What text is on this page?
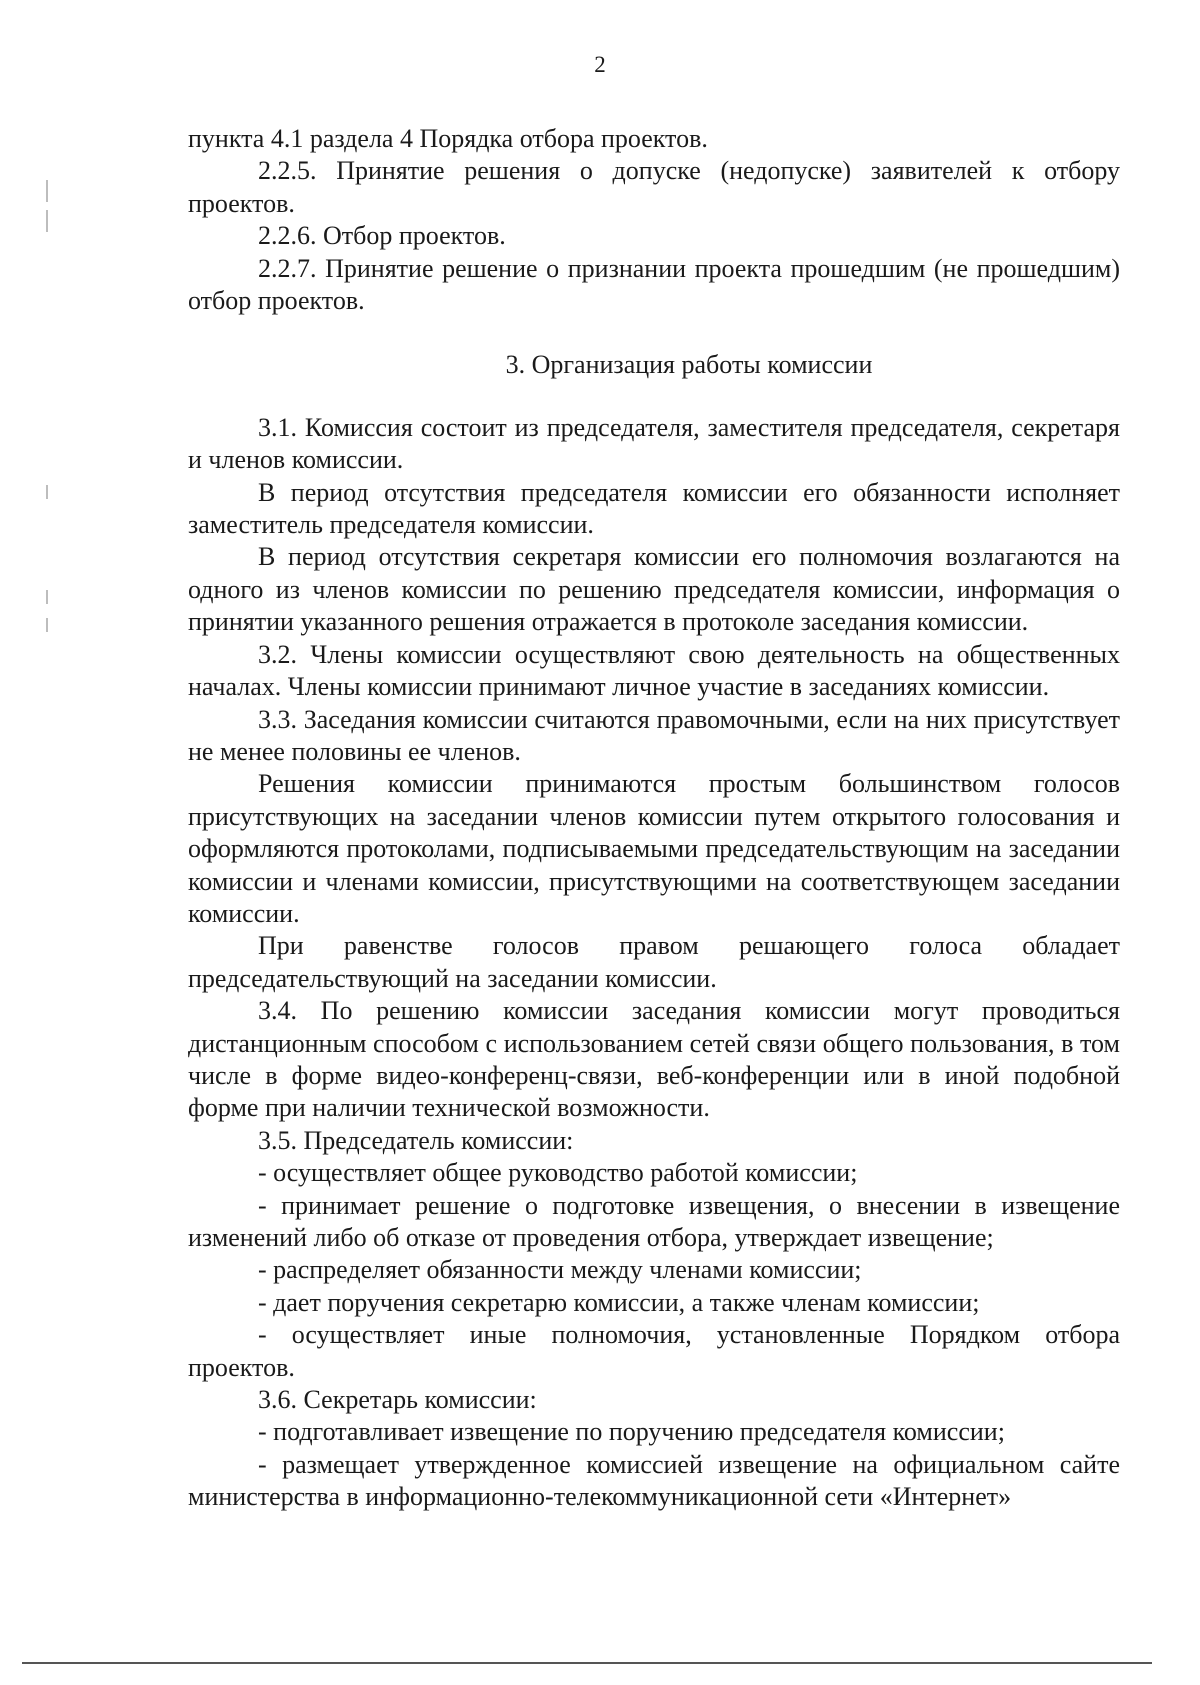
2

пункта 4.1 раздела 4 Порядка отбора проектов.

2.2.5. Принятие решения о допуске (недопуске) заявителей к отбору проектов.

2.2.6. Отбор проектов.

2.2.7. Принятие решение о признании проекта прошедшим (не прошедшим) отбор проектов.

3. Организация работы комиссии

3.1. Комиссия состоит из председателя, заместителя председателя, секретаря и членов комиссии.

В период отсутствия председателя комиссии его обязанности исполняет заместитель председателя комиссии.

В период отсутствия секретаря комиссии его полномочия возлагаются на одного из членов комиссии по решению председателя комиссии, информация о принятии указанного решения отражается в протоколе заседания комиссии.

3.2. Члены комиссии осуществляют свою деятельность на общественных началах. Члены комиссии принимают личное участие в заседаниях комиссии.

3.3. Заседания комиссии считаются правомочными, если на них присутствует не менее половины ее членов.

Решения комиссии принимаются простым большинством голосов присутствующих на заседании членов комиссии путем открытого голосования и оформляются протоколами, подписываемыми председательствующим на заседании комиссии и членами комиссии, присутствующими на соответствующем заседании комиссии.

При равенстве голосов правом решающего голоса обладает председательствующий на заседании комиссии.

3.4. По решению комиссии заседания комиссии могут проводиться дистанционным способом с использованием сетей связи общего пользования, в том числе в форме видео-конференц-связи, веб-конференции или в иной подобной форме при наличии технической возможности.

3.5. Председатель комиссии:

- осуществляет общее руководство работой комиссии;

- принимает решение о подготовке извещения, о внесении в извещение изменений либо об отказе от проведения отбора, утверждает извещение;

- распределяет обязанности между членами комиссии;

- дает поручения секретарю комиссии, а также членам комиссии;

- осуществляет иные полномочия, установленные Порядком отбора проектов.

3.6. Секретарь комиссии:

- подготавливает извещение по поручению председателя комиссии;

- размещает утвержденное комиссией извещение на официальном сайте министерства в информационно-телекоммуникационной сети «Интернет»
